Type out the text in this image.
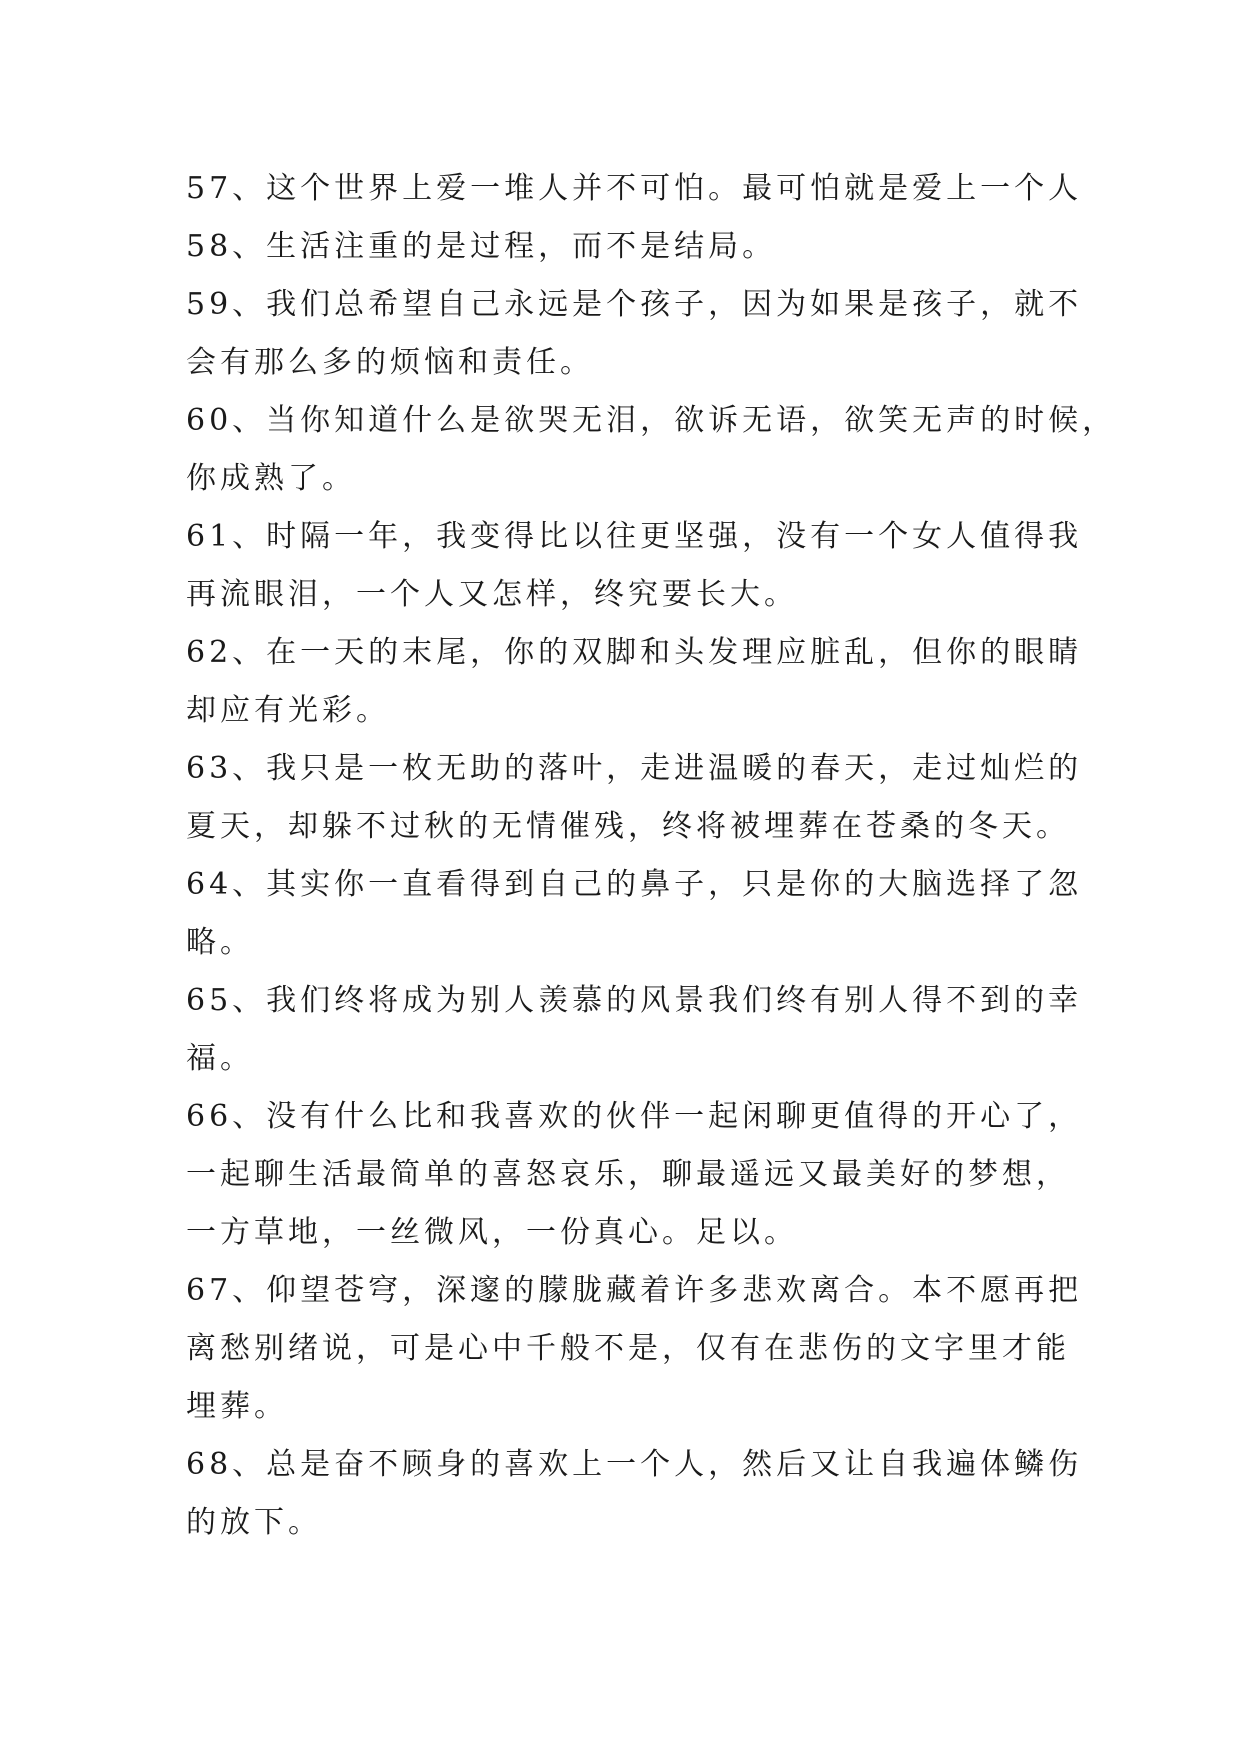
57、这个世界上爱一堆人并不可怕。最可怕就是爱上一个人
58、生活注重的是过程，而不是结局。
59、我们总希望自己永远是个孩子，因为如果是孩子，就不
会有那么多的烦恼和责任。
60、当你知道什么是欲哭无泪，欲诉无语，欲笑无声的时候，
你成熟了。
61、时隔一年，我变得比以往更坚强，没有一个女人值得我
再流眼泪，一个人又怎样，终究要长大。
62、在一天的末尾，你的双脚和头发理应脏乱，但你的眼睛
却应有光彩。
63、我只是一枚无助的落叶，走进温暖的春天，走过灿烂的
夏天，却躲不过秋的无情催残，终将被埋葬在苍桑的冬天。
64、其实你一直看得到自己的鼻子，只是你的大脑选择了忽
略。
65、我们终将成为别人羡慕的风景我们终有别人得不到的幸
福。
66、没有什么比和我喜欢的伙伴一起闲聊更值得的开心了，
一起聊生活最简单的喜怒哀乐，聊最遥远又最美好的梦想，
一方草地，一丝微风，一份真心。足以。
67、仰望苍穹，深邃的朦胧藏着许多悲欢离合。本不愿再把
离愁别绪说，可是心中千般不是，仅有在悲伤的文字里才能
埋葬。
68、总是奋不顾身的喜欢上一个人，然后又让自我遍体鳞伤
的放下。
